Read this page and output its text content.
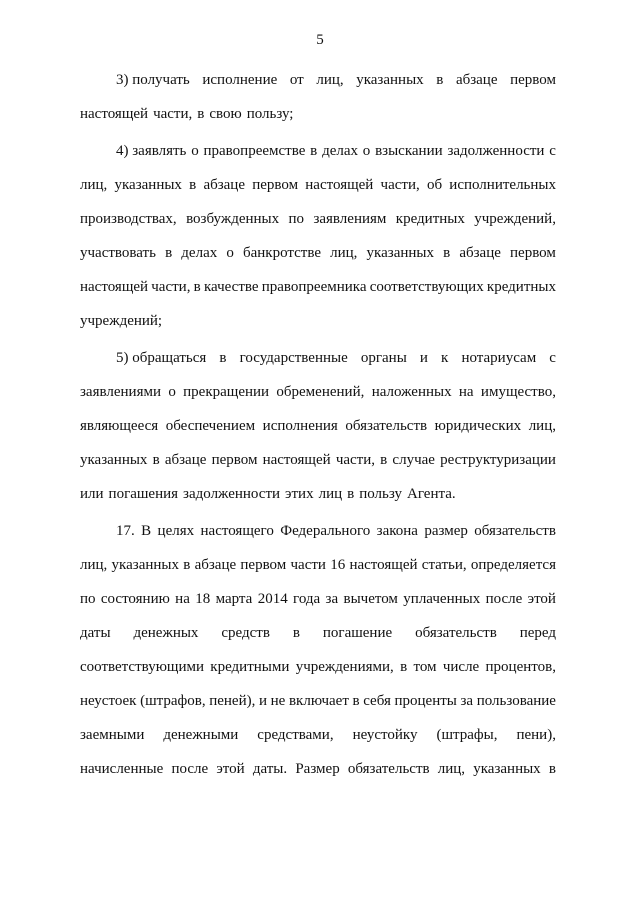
5
3) получать исполнение от лиц, указанных в абзаце первом
настоящей части, в свою пользу;
4) заявлять о правопреемстве в делах о взыскании задолженности с
лиц, указанных в абзаце первом настоящей части, об исполнительных
производствах, возбужденных по заявлениям кредитных учреждений,
участвовать в делах о банкротстве лиц, указанных в абзаце первом
настоящей части, в качестве правопреемника соответствующих кредитных
учреждений;
5) обращаться в государственные органы и к нотариусам с
заявлениями о прекращении обременений, наложенных на имущество,
являющееся обеспечением исполнения обязательств юридических лиц,
указанных в абзаце первом настоящей части, в случае реструктуризации
или погашения задолженности этих лиц в пользу Агента.
17. В целях настоящего Федерального закона размер обязательств
лиц, указанных в абзаце первом части 16 настоящей статьи, определяется
по состоянию на 18 марта 2014 года за вычетом уплаченных после этой
даты денежных средств в погашение обязательств перед
соответствующими кредитными учреждениями, в том числе процентов,
неустоек (штрафов, пеней), и не включает в себя проценты за пользование
заемными денежными средствами, неустойку (штрафы, пени),
начисленные после этой даты. Размер обязательств лиц, указанных в
